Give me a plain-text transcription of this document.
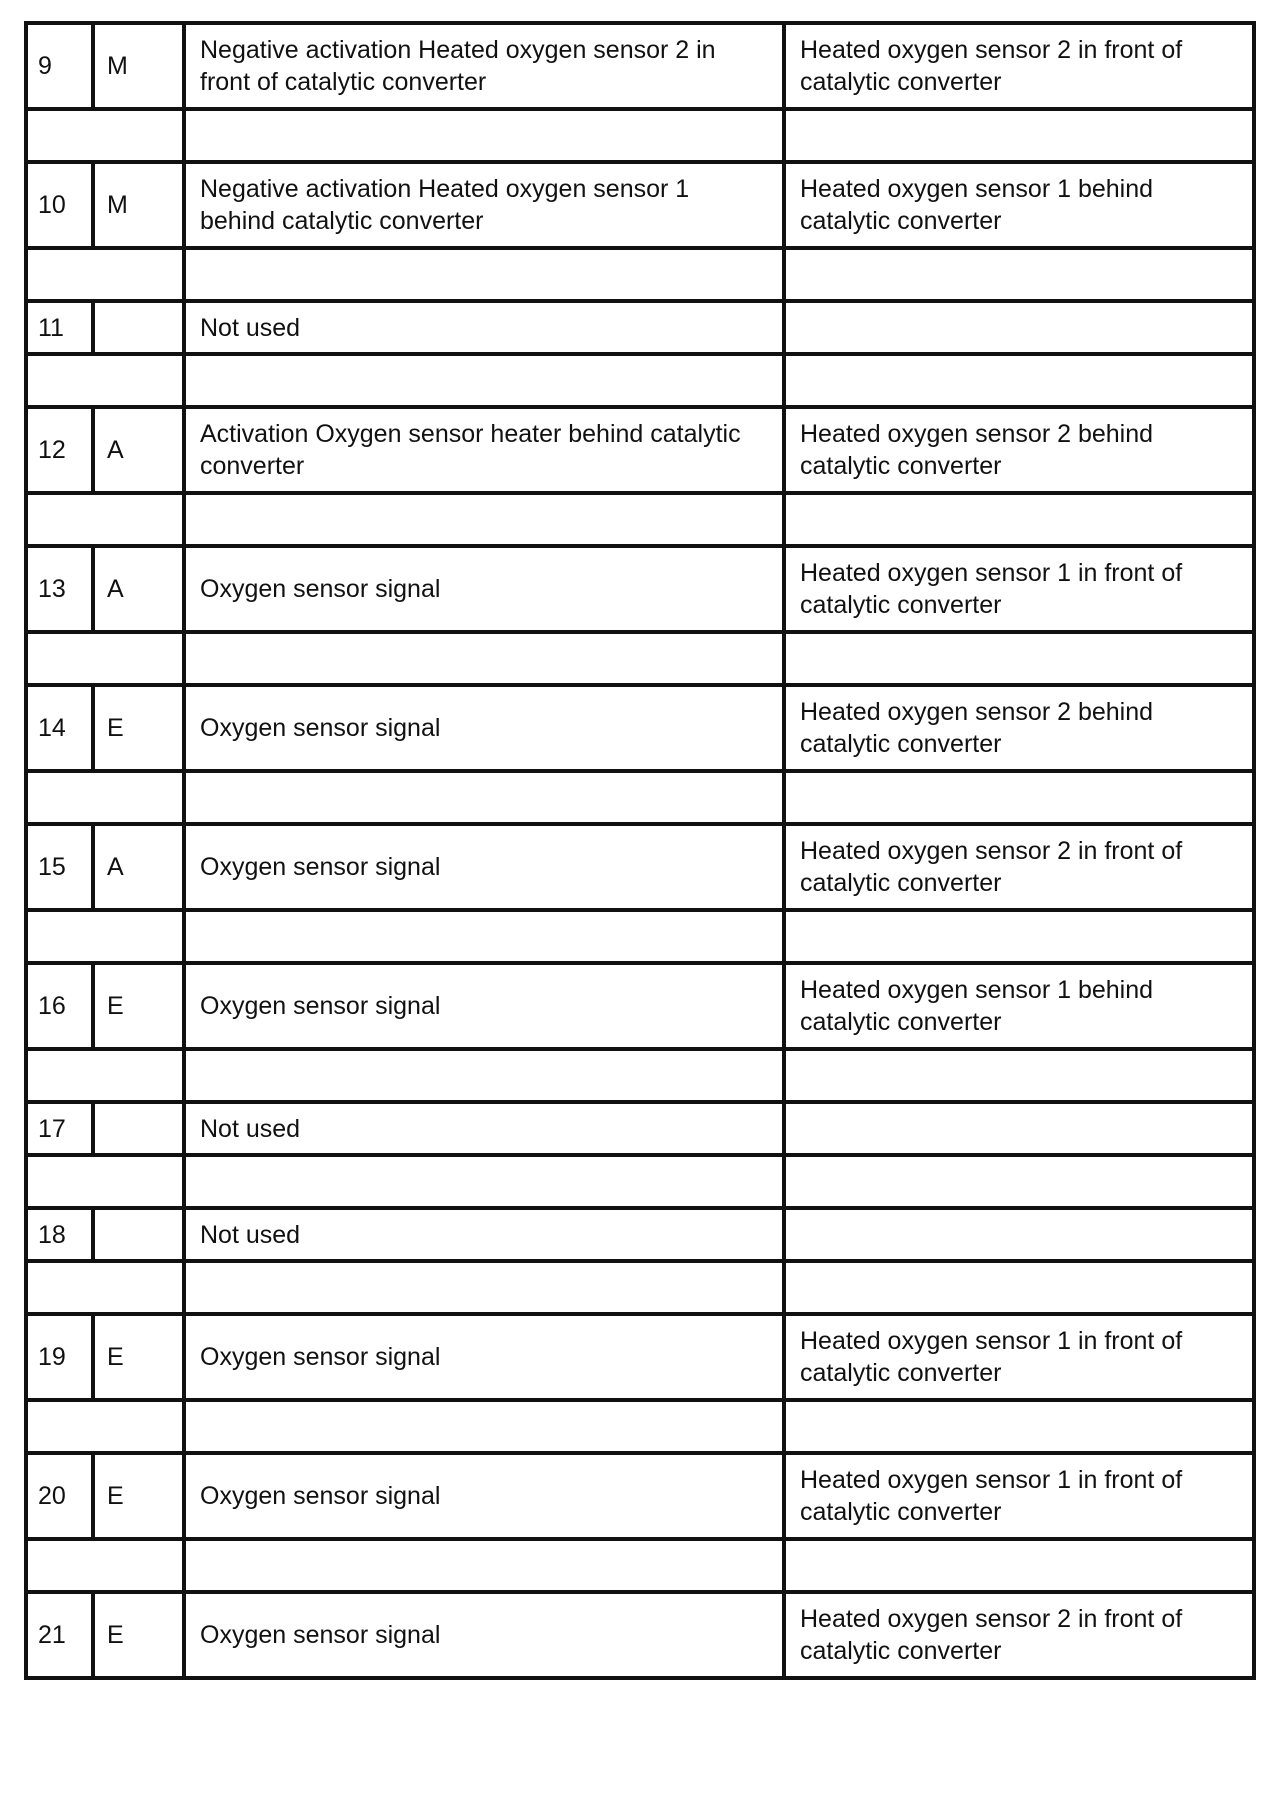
9	M	Negative activation Heated oxygen sensor 2 in front of catalytic converter	Heated oxygen sensor 2 in front of catalytic converter

10	M	Negative activation Heated oxygen sensor 1 behind catalytic converter	Heated oxygen sensor 1 behind catalytic converter

11		Not used	

12	A	Activation Oxygen sensor heater behind catalytic converter	Heated oxygen sensor 2 behind catalytic converter

13	A	Oxygen sensor signal	Heated oxygen sensor 1 in front of catalytic converter

14	E	Oxygen sensor signal	Heated oxygen sensor 2 behind catalytic converter

15	A	Oxygen sensor signal	Heated oxygen sensor 2 in front of catalytic converter

16	E	Oxygen sensor signal	Heated oxygen sensor 1 behind catalytic converter

17		Not used	

18		Not used	

19	E	Oxygen sensor signal	Heated oxygen sensor 1 in front of catalytic converter

20	E	Oxygen sensor signal	Heated oxygen sensor 1 in front of catalytic converter

21	E	Oxygen sensor signal	Heated oxygen sensor 2 in front of catalytic converter
